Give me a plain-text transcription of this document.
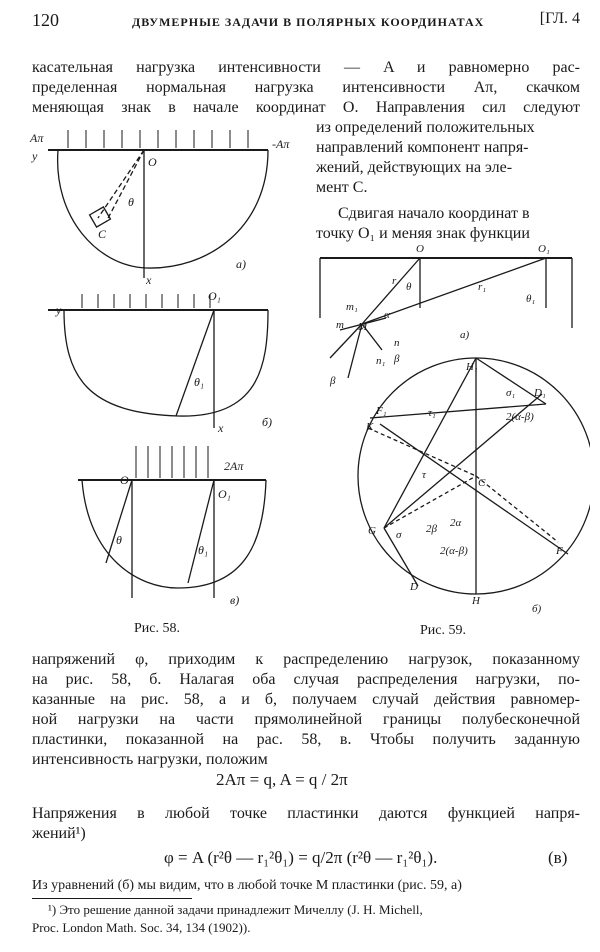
120	ДВУМЕРНЫЕ ЗАДАЧИ В ПОЛЯРНЫХ КООРДИНАТАХ	[ГЛ. 4
касательная нагрузка интенсивности — A и равномерно рас-
пределенная нормальная нагрузка интенсивности Aπ, скачком
меняющая знак в начале координат O. Направления сил следуют
из определений положительных
направлений компонент напря-
жений, действующих на эле-
мент C.
Сдвигая начало координат в
точку O₁ и меняя знак функции
Aπ	-Aπ
y	O
θ
C
x
а)
y
O₁
θ₁
x	б)
2Aπ
O
O₁
θ
θ₁
в)
Рис. 58.
O	O₁
r θ	r₁
θ₁
m₁
m M
α
n
n₁ β
β
а)
H₁
D₁
σ₁
F₁
K
τ₁	2(α-β)
τ
C
2α
2β
2(α-β)
G σ
F
D
H
б)
Рис. 59.
напряжений φ, приходим к распределению нагрузок, показанному
на рис. 58, б. Налагая оба случая распределения нагрузки, по-
казанные на рис. 58, а и б, получаем случай действия равномер-
ной нагрузки на части прямолинейной границы полубесконечной
пластинки, показанной на рас. 58, в. Чтобы получить заданную
интенсивность нагрузки, положим
2Aπ = q, A = q / 2π
Напряжения в любой точке пластинки даются функцией напря-
жений¹)
φ = A (r²θ — r₁²θ₁) = q/2π (r²θ — r₁²θ₁).	(в)
Из уравнений (б) мы видим, что в любой точке M пластинки (рис. 59, а)
¹) Это решение данной задачи принадлежит Мичеллу (J. H. Michell,
Proc. London Math. Soc. 34, 134 (1902)).
